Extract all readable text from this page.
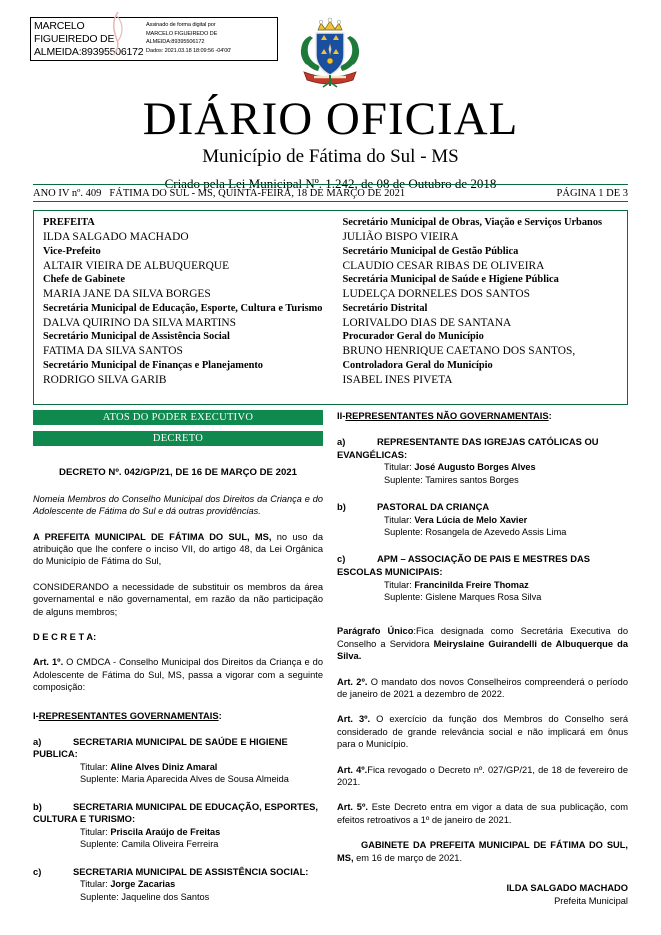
MARCELO FIGUEIREDO DE ALMEIDA:89395506172
Assinado de forma digital por
MARCELO FIGUEIREDO DE
ALMEIDA:89395506172
Dados: 2021.03.18 18:09:56 -04'00'
DIÁRIO OFICIAL
Município de Fátima do Sul - MS
Criado pela Lei Municipal Nº. 1.242, de 08 de Outubro de 2018
ANO IV nº. 409 FÁTIMA DO SUL - MS, QUINTA-FEIRA, 18 DE MARÇO DE 2021	PÁGINA 1 DE 3
PREFEITA
ILDA SALGADO MACHADO
Vice-Prefeito
ALTAIR VIEIRA DE ALBUQUERQUE
Chefe de Gabinete
MARIA JANE DA SILVA BORGES
Secretária Municipal de Educação, Esporte, Cultura e Turismo
DALVA QUIRINO DA SILVA MARTINS
Secretário Municipal de Assistência Social
FATIMA DA SILVA SANTOS
Secretário Municipal de Finanças e Planejamento
RODRIGO SILVA GARIB
Secretário Municipal de Obras, Viação e Serviços Urbanos
JULIÃO BISPO VIEIRA
Secretário Municipal de Gestão Pública
CLAUDIO CESAR RIBAS DE OLIVEIRA
Secretária Municipal de Saúde e Higiene Pública
LUDELÇA DORNELES DOS SANTOS
Secretário Distrital
LORIVALDO DIAS DE SANTANA
Procurador Geral do Município
BRUNO HENRIQUE CAETANO DOS SANTOS,
Controladora Geral do Município
ISABEL INES PIVETA
ATOS DO PODER EXECUTIVO
DECRETO
DECRETO Nº. 042/GP/21, DE 16 DE MARÇO DE 2021
Nomeia Membros do Conselho Municipal dos Direitos da Criança e do Adolescente de Fátima do Sul e dá outras providências.
A PREFEITA MUNICIPAL DE FÁTIMA DO SUL, MS, no uso da atribuição que lhe confere o inciso VII, do artigo 48, da Lei Orgânica do Município de Fátima do Sul,
CONSIDERANDO a necessidade de substituir os membros da área governamental e não governamental, em razão da não participação de alguns membros;
D E C R E T A:
Art. 1º. O CMDCA - Conselho Municipal dos Direitos da Criança e do Adolescente de Fátima do Sul, MS, passa a vigorar com a seguinte composição:
I-REPRESENTANTES GOVERNAMENTAIS:
a)	SECRETARIA MUNICIPAL DE SAÚDE E HIGIENE PUBLICA:
Titular: Aline Alves Diniz Amaral
Suplente: Maria Aparecida Alves de Sousa Almeida
b)	SECRETARIA MUNICIPAL DE EDUCAÇÃO, ESPORTES, CULTURA E TURISMO:
Titular: Priscila Araújo de Freitas
Suplente: Camila Oliveira Ferreira
c)	SECRETARIA MUNICIPAL DE ASSISTÊNCIA SOCIAL:
Titular: Jorge Zacarias
Suplente: Jaqueline dos Santos
II-REPRESENTANTES NÃO GOVERNAMENTAIS:
a)	REPRESENTANTE DAS IGREJAS CATÓLICAS OU EVANGÉLICAS:
Titular: José Augusto Borges Alves
Suplente: Tamires santos Borges
b)	PASTORAL DA CRIANÇA
Titular: Vera Lúcia de Melo Xavier
Suplente: Rosangela de Azevedo Assis Lima
c)	APM – ASSOCIAÇÃO DE PAIS E MESTRES DAS ESCOLAS MUNICIPAIS:
Titular: Francinilda Freire Thomaz
Suplente: Gislene Marques Rosa Silva
Parágrafo Único:Fica designada como Secretária Executiva do Conselho a Servidora Meiryslaine Guirandelli de Albuquerque da Silva.
Art. 2º. O mandato dos novos Conselheiros compreenderá o período de janeiro de 2021 a dezembro de 2022.
Art. 3º. O exercício da função dos Membros do Conselho será considerado de grande relevância social e não implicará em ônus para o Município.
Art. 4º.Fica revogado o Decreto nº. 027/GP/21, de 18 de fevereiro de 2021.
Art. 5º. Este Decreto entra em vigor a data de sua publicação, com efeitos retroativos a 1º de janeiro de 2021.
GABINETE DA PREFEITA MUNICIPAL DE FÁTIMA DO SUL, MS, em 16 de março de 2021.
ILDA SALGADO MACHADO
Prefeita Municipal
